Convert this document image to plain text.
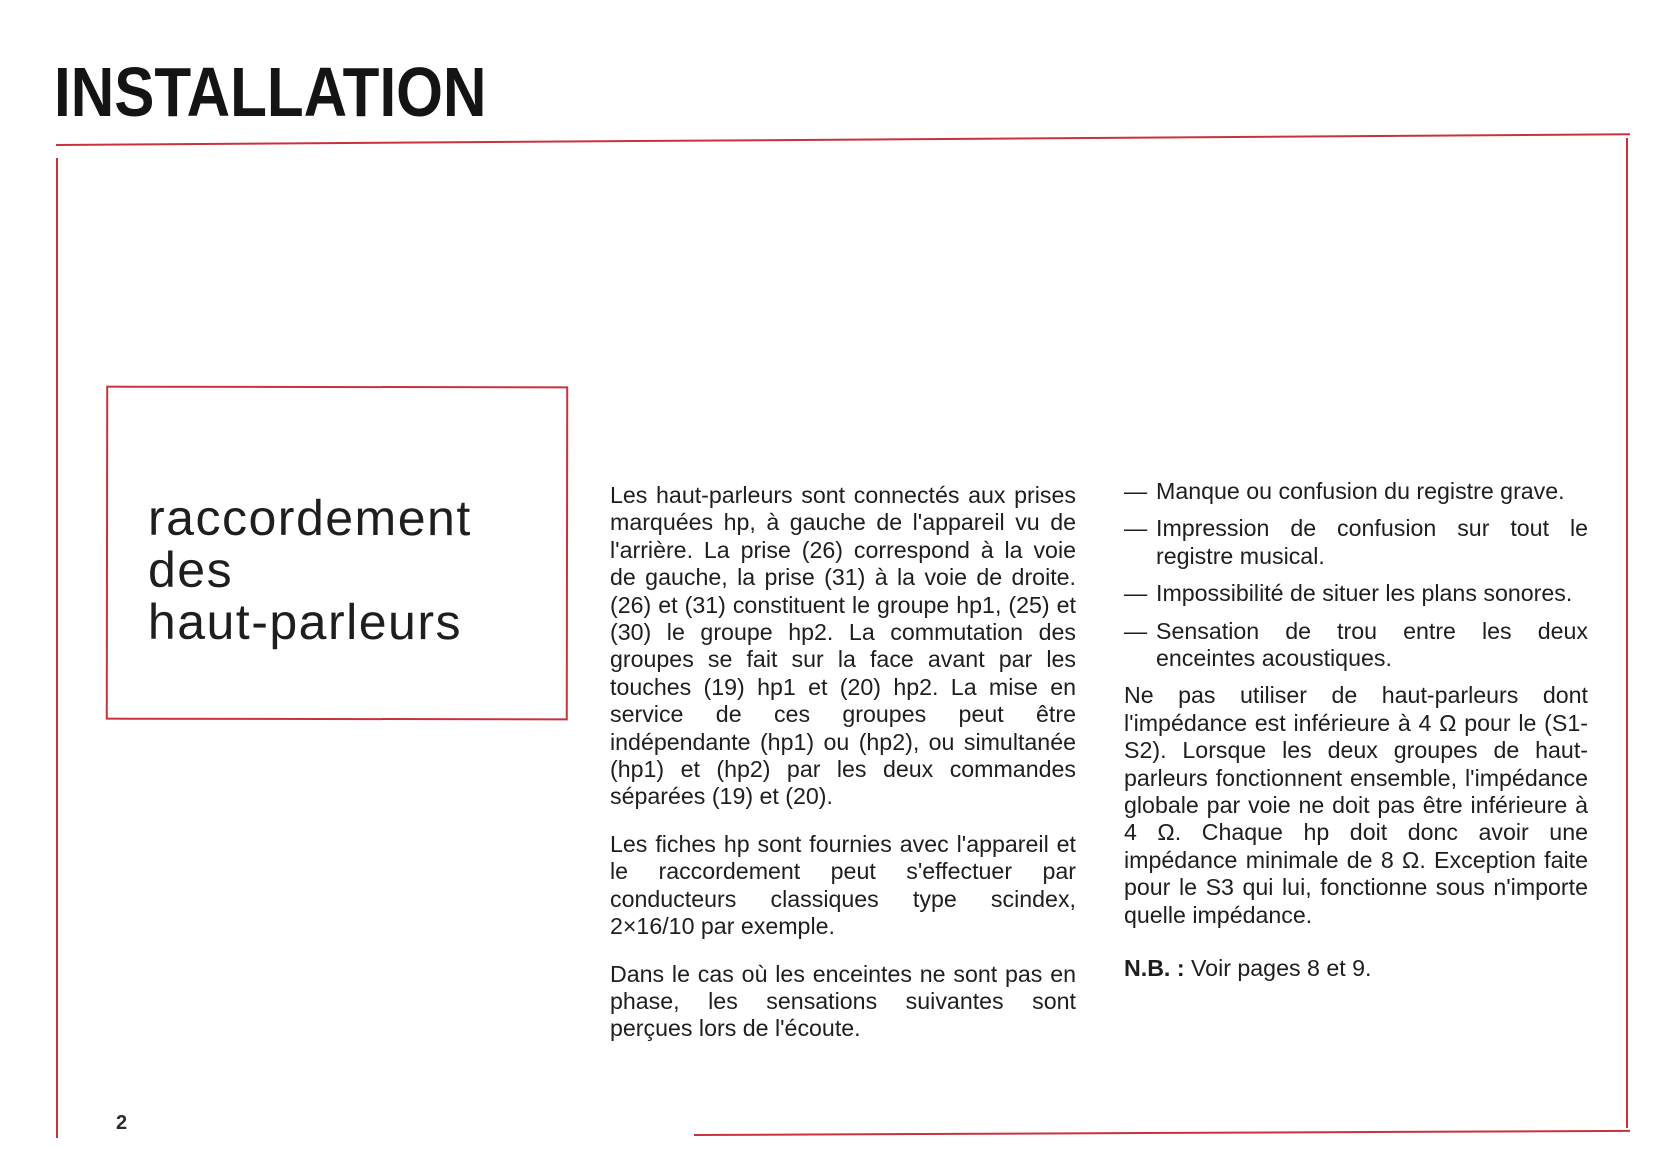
INSTALLATION
raccordement
des
haut-parleurs

Les haut-parleurs sont connectés aux prises marquées hp, à gauche de l'appareil vu de l'arrière. La prise (26) correspond à la voie de gauche, la prise (31) à la voie de droite. (26) et (31) constituent le groupe hp1, (25) et (30) le groupe hp2. La commutation des groupes se fait sur la face avant par les touches (19) hp1 et (20) hp2. La mise en service de ces groupes peut être indépendante (hp1) ou (hp2), ou simultanée (hp1) et (hp2) par les deux commandes séparées (19) et (20).

Les fiches hp sont fournies avec l'appareil et le raccordement peut s'effectuer par conducteurs classiques type scindex, 2×16/10 par exemple.

Dans le cas où les enceintes ne sont pas en phase, les sensations suivantes sont perçues lors de l'écoute.

— Manque ou confusion du registre grave.
— Impression de confusion sur tout le registre musical.
— Impossibilité de situer les plans sonores.
— Sensation de trou entre les deux enceintes acoustiques.

Ne pas utiliser de haut-parleurs dont l'impédance est inférieure à 4 Ω pour le (S1-S2). Lorsque les deux groupes de haut-parleurs fonctionnent ensemble, l'impédance globale par voie ne doit pas être inférieure à 4 Ω. Chaque hp doit donc avoir une impédance minimale de 8 Ω. Exception faite pour le S3 qui lui, fonctionne sous n'importe quelle impédance.

N.B. : Voir pages 8 et 9.

2
